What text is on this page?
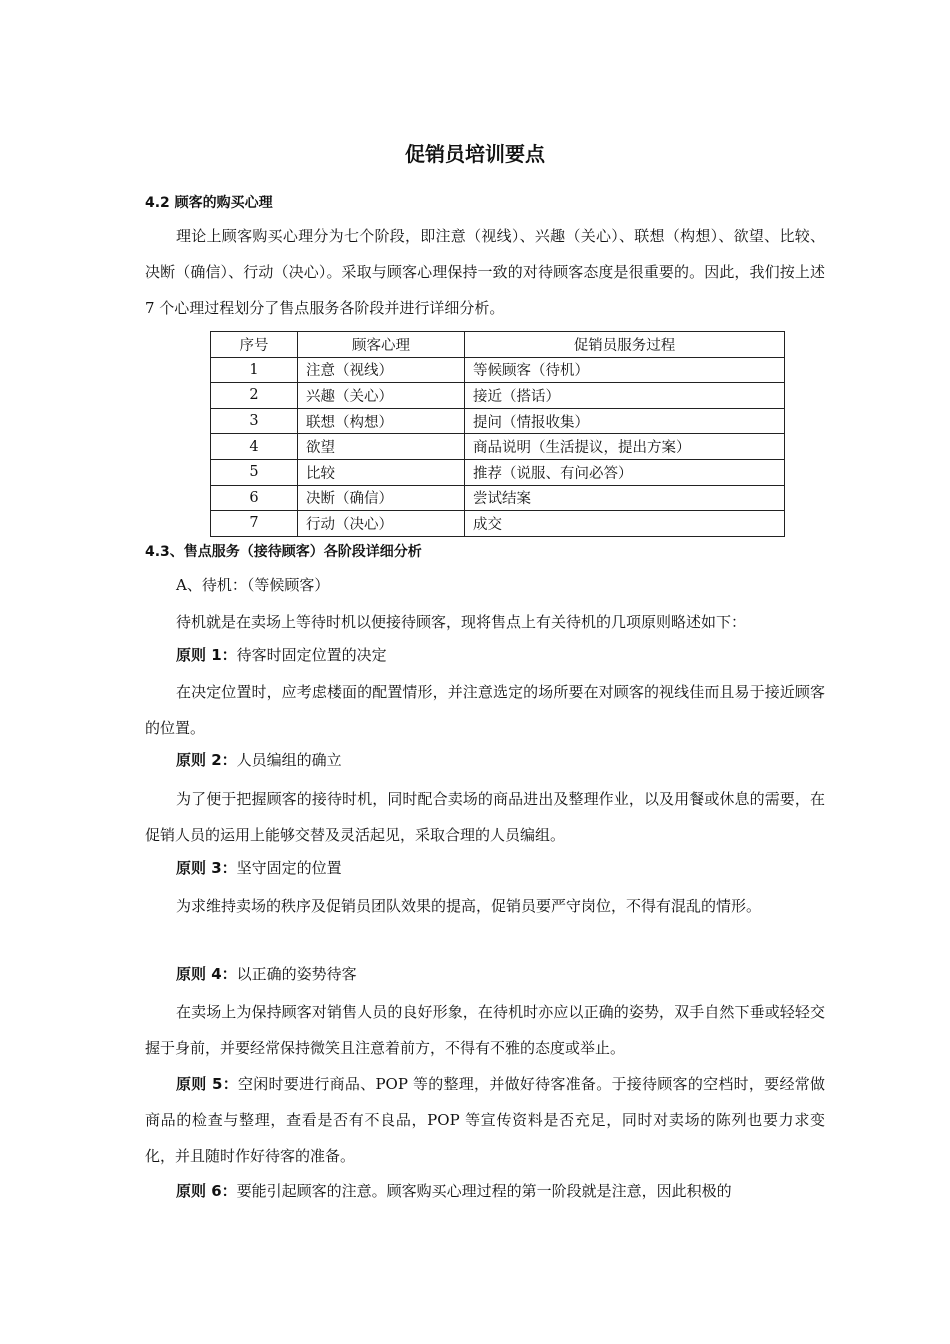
促销员培训要点
4.2 顾客的购买心理
理论上顾客购买心理分为七个阶段，即注意（视线）、兴趣（关心）、联想（构想）、欲望、比较、决断（确信）、行动（决心）。采取与顾客心理保持一致的对待顾客态度是很重要的。因此，我们按上述 7 个心理过程划分了售点服务各阶段并进行详细分析。
序号	顾客心理	促销员服务过程
1	注意（视线）	等候顾客（待机）
2	兴趣（关心）	接近（搭话）
3	联想（构想）	提问（情报收集）
4	欲望	商品说明（生活提议，提出方案）
5	比较	推荐（说服、有问必答）
6	决断（确信）	尝试结案
7	行动（决心）	成交
4.3、售点服务（接待顾客）各阶段详细分析
A、待机：（等候顾客）
待机就是在卖场上等待时机以便接待顾客，现将售点上有关待机的几项原则略述如下：
原则 1：待客时固定位置的决定
在决定位置时，应考虑楼面的配置情形，并注意选定的场所要在对顾客的视线佳而且易于接近顾客的位置。
原则 2：人员编组的确立
为了便于把握顾客的接待时机，同时配合卖场的商品进出及整理作业，以及用餐或休息的需要，在促销人员的运用上能够交替及灵活起见，采取合理的人员编组。
原则 3：坚守固定的位置
为求维持卖场的秩序及促销员团队效果的提高，促销员要严守岗位，不得有混乱的情形。
原则 4：以正确的姿势待客
在卖场上为保持顾客对销售人员的良好形象，在待机时亦应以正确的姿势，双手自然下垂或轻轻交握于身前，并要经常保持微笑且注意着前方，不得有不雅的态度或举止。
原则 5：空闲时要进行商品、POP 等的整理，并做好待客准备。于接待顾客的空档时，要经常做商品的检查与整理，查看是否有不良品，POP 等宣传资料是否充足，同时对卖场的陈列也要力求变化，并且随时作好待客的准备。
原则 6：要能引起顾客的注意。顾客购买心理过程的第一阶段就是注意，因此积极的
